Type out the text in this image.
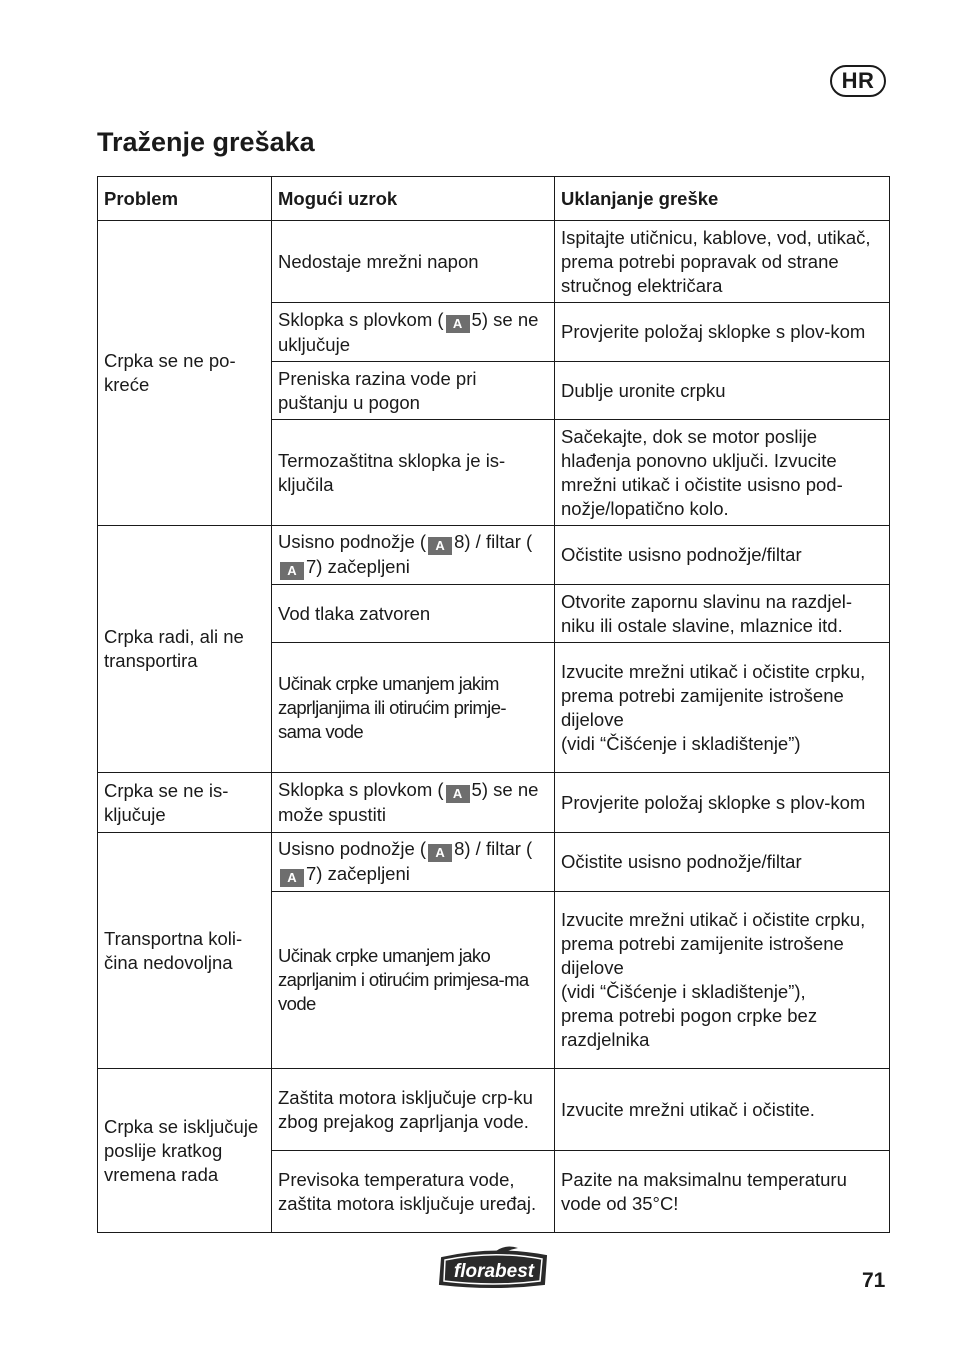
HR
Traženje grešaka
Problem	Mogući uzrok	Uklanjanje greške
Crpka se ne po-kreće	Nedostaje mrežni napon	Ispitajte utičnicu, kablove, vod, utikač, prema potrebi popravak od strane stručnog električara
	Sklopka s plovkom ( A 5) se ne uključuje	Provjerite položaj sklopke s plov-kom
	Preniska razina vode pri puštanju u pogon	Dublje uronite crpku
	Termozaštitna sklopka je is-ključila	Sačekajte, dok se motor poslije hlađenja ponovno uključi. Izvucite mrežni utikač i očistite usisno pod-nožje/lopatično kolo.
Crpka radi, ali ne transportira	Usisno podnožje ( A 8) / filtar (A 7) začepljeni	Očistite usisno podnožje/filtar
	Vod tlaka zatvoren	Otvorite zapornu slavinu na razdjel-niku ili ostale slavine, mlaznice itd.
	Učinak crpke umanjem jakim zaprljanjima ili otirućim primje-sama vode	Izvucite mrežni utikač i očistite crpku,
prema potrebi zamijenite istrošene dijelove
(vidi “Čišćenje i skladištenje”)

Crpka se ne is-ključuje	Sklopka s plovkom ( A 5) se ne može spustiti	Provjerite položaj sklopke s plov-kom
Transportna koli-čina nedovoljna	Usisno podnožje ( A 8) / filtar (A 7) začepljeni	Očistite usisno podnožje/filtar
	Učinak crpke umanjem jako zaprljanim i otirućim primjesa-ma vode	Izvucite mrežni utikač i očistite crpku,
prema potrebi zamijenite istrošene dijelove
(vidi “Čišćenje i skladištenje”),
prema potrebi pogon crpke bez razdjelnika

Crpka se isključuje poslije kratkog vremena rada	Zaštita motora isključuje crp-ku zbog prejakog zaprljanja vode.	Izvucite mrežni utikač i očistite.
	Previsoka temperatura vode, zaštita motora isključuje uređaj.	Pazite na maksimalnu temperaturu vode od 35°C!
florabest	71
